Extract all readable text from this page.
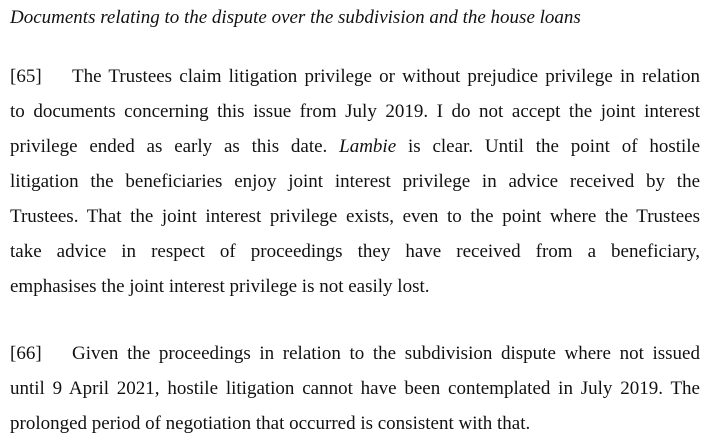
Documents relating to the dispute over the subdivision and the house loans
[65] The Trustees claim litigation privilege or without prejudice privilege in relation
to documents concerning this issue from July 2019. I do not accept the joint interest
privilege ended as early as this date. Lambie is clear. Until the point of hostile
litigation the beneficiaries enjoy joint interest privilege in advice received by the
Trustees. That the joint interest privilege exists, even to the point where the Trustees
take advice in respect of proceedings they have received from a beneficiary,
emphasises the joint interest privilege is not easily lost.
[66] Given the proceedings in relation to the subdivision dispute where not issued
until 9 April 2021, hostile litigation cannot have been contemplated in July 2019. The
prolonged period of negotiation that occurred is consistent with that.
